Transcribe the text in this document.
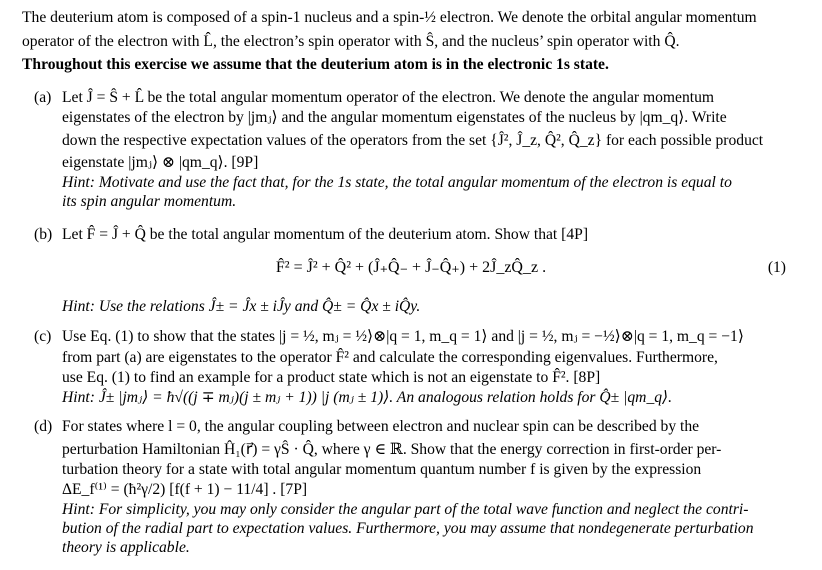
The deuterium atom is composed of a spin-1 nucleus and a spin-½ electron. We denote the orbital angular momentum
operator of the electron with L̂, the electron’s spin operator with Ŝ, and the nucleus’ spin operator with Q̂.
Throughout this exercise we assume that the deuterium atom is in the electronic 1s state.
(a) Let Ĵ = Ŝ + L̂ be the total angular momentum operator of the electron. We denote the angular momentum
eigenstates of the electron by |jmⱼ⟩ and the angular momentum eigenstates of the nucleus by |qm_q⟩. Write
down the respective expectation values of the operators from the set {Ĵ², Ĵ_z, Q̂², Q̂_z} for each possible product
eigenstate |jmⱼ⟩ ⊗ |qm_q⟩. [9P]
Hint: Motivate and use the fact that, for the 1s state, the total angular momentum of the electron is equal to
its spin angular momentum.
(b) Let F̂ = Ĵ + Q̂ be the total angular momentum of the deuterium atom. Show that [4P]
F̂² = Ĵ² + Q̂² + (Ĵ₊Q̂₋ + Ĵ₋Q̂₊) + 2Ĵ_zQ̂_z .	(1)
Hint: Use the relations Ĵ± = Ĵx ± iĴy and Q̂± = Q̂x ± iQ̂y.
(c) Use Eq. (1) to show that the states |j = ½, mⱼ = ½⟩⊗|q = 1, m_q = 1⟩ and |j = ½, mⱼ = −½⟩⊗|q = 1, m_q = −1⟩
from part (a) are eigenstates to the operator F̂² and calculate the corresponding eigenvalues. Furthermore,
use Eq. (1) to find an example for a product state which is not an eigenstate to F̂². [8P]
Hint: Ĵ± |jmⱼ⟩ = ħ√((j ∓ mⱼ)(j ± mⱼ + 1)) |j (mⱼ ± 1)⟩. An analogous relation holds for Q̂± |qm_q⟩.
(d) For states where l = 0, the angular coupling between electron and nuclear spin can be described by the
perturbation Hamiltonian Ĥ₁(r⃗) = γŜ · Q̂, where γ ∈ ℝ. Show that the energy correction in first-order per-
turbation theory for a state with total angular momentum quantum number f is given by the expression
ΔE_f⁽¹⁾ = (ħ²γ/2) [f(f + 1) − 11/4] . [7P]
Hint: For simplicity, you may only consider the angular part of the total wave function and neglect the contri-
bution of the radial part to expectation values. Furthermore, you may assume that nondegenerate perturbation
theory is applicable.
